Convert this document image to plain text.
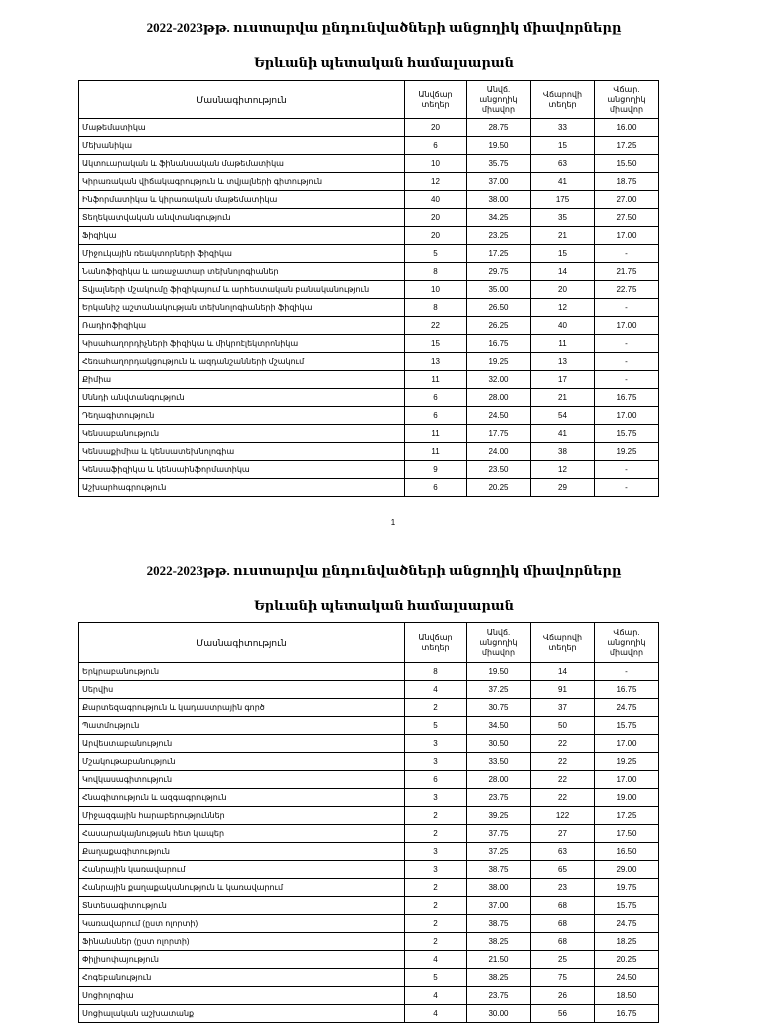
2022-2023թթ. ուստարվա ընդունվածների անցողիկ միավորները
Երևանի պետական համալսարան
Մասնագիտություն	Անվճար տեղեր	Անվճ. անցողիկ միավոր	Վճարովի տեղեր	Վճար. անցողիկ միավոր
Մաթեմատիկա	20	28.75	33	16.00
Մեխանիկա	6	19.50	15	17.25
Ակտուարական և ֆինանսական մաթեմատիկա	10	35.75	63	15.50
Կիրառական վիճակագրություն և տվյալների գիտություն	12	37.00	41	18.75
Ինֆորմատիկա և կիրառական մաթեմատիկա	40	38.00	175	27.00
Տեղեկատվական անվտանգություն	20	34.25	35	27.50
Ֆիզիկա	20	23.25	21	17.00
Միջուկային ռեակտորների ֆիզիկա	5	17.25	15	-
Նանոֆիզիկա և առաջատար տեխնոլոգիաներ	8	29.75	14	21.75
Տվյալների մշակումը ֆիզիկայում և արհեստական բանականություն	10	35.00	20	22.75
Երկանիշ աշտանակության տեխնոլոգիաների ֆիզիկա	8	26.50	12	-
Ռադիոֆիզիկա	22	26.25	40	17.00
Կիսահաղորդիչների ֆիզիկա և միկրոէլեկտրոնիկա	15	16.75	11	-
Հեռահաղորդակցություն և ազդանշանների մշակում	13	19.25	13	-
Քիմիա	11	32.00	17	-
Սննդի անվտանգություն	6	28.00	21	16.75
Դեղագիտություն	6	24.50	54	17.00
Կենսաբանություն	11	17.75	41	15.75
Կենսաքիմիա և կենսատեխնոլոգիա	11	24.00	38	19.25
Կենսաֆիզիկա և կենսաինֆորմատիկա	9	23.50	12	-
Աշխարհագրություն	6	20.25	29	-
1
2022-2023թթ. ուստարվա ընդունվածների անցողիկ միավորները
Երևանի պետական համալսարան
Մասնագիտություն	Անվճար տեղեր	Անվճ. անցողիկ միավոր	Վճարովի տեղեր	Վճար. անցողիկ միավոր
Երկրաբանություն	8	19.50	14	-
Սերվիս	4	37.25	91	16.75
Քարտեզագրություն և կադաստրային գործ	2	30.75	37	24.75
Պատմություն	5	34.50	50	15.75
Արվեստաբանություն	3	30.50	22	17.00
Մշակութաբանություն	3	33.50	22	19.25
Կովկասագիտություն	6	28.00	22	17.00
Հնագիտություն և ազգագրություն	3	23.75	22	19.00
Միջազգային հարաբերություններ	2	39.25	122	17.25
Հասարակայնության հետ կապեր	2	37.75	27	17.50
Քաղաքագիտություն	3	37.25	63	16.50
Հանրային կառավարում	3	38.75	65	29.00
Հանրային քաղաքականություն և կառավարում	2	38.00	23	19.75
Տնտեսագիտություն	2	37.00	68	15.75
Կառավարում (ըստ ոլորտի)	2	38.75	68	24.75
Ֆինանսներ (ըստ ոլորտի)	2	38.25	68	18.25
Փիլիսոփայություն	4	21.50	25	20.25
Հոգեբանություն	5	38.25	75	24.50
Սոցիոլոգիա	4	23.75	26	18.50
Սոցիալական աշխատանք	4	30.00	56	16.75
